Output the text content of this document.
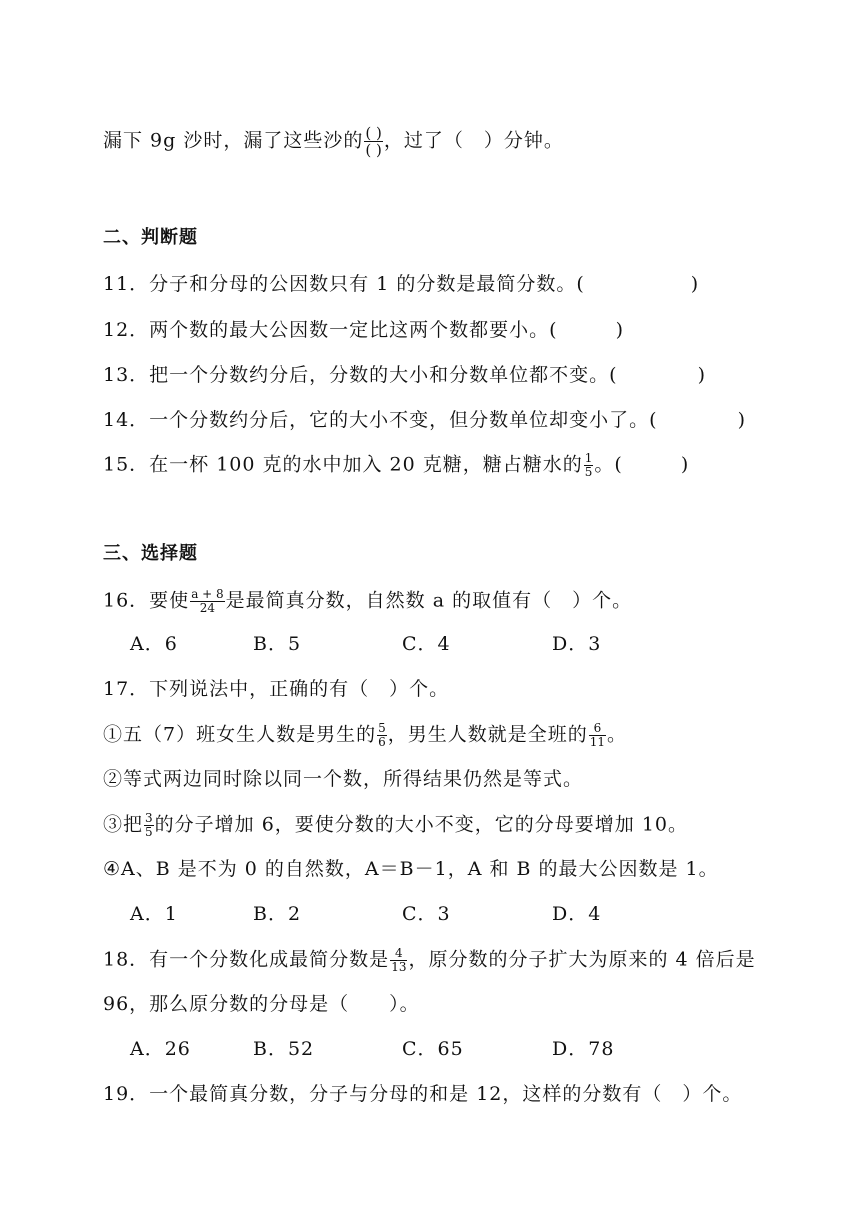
漏下 9g 沙时，漏了这些沙的 $\frac{( )}{( )}$ ，过了（　）分钟。
二、判断题
11．分子和分母的公因数只有 1 的分数是最简分数。(	)
12．两个数的最大公因数一定比这两个数都要小。(	)
13．把一个分数约分后，分数的大小和分数单位都不变。(	)
14．一个分数约分后，它的大小不变，但分数单位却变小了。(	)
15．在一杯 100 克的水中加入 20 克糖，糖占糖水的 $\frac{1}{5}$ 。(	)
三、选择题
16．要使 $\frac{a + 8}{24}$ 是最简真分数，自然数 a 的取值有（　）个。
A．6	B．5	C．4	D．3
17．下列说法中，正确的有（　）个。
①五（7）班女生人数是男生的 $\frac{5}{6}$ ，男生人数就是全班的 $\frac{6}{11}$ 。
②等式两边同时除以同一个数，所得结果仍然是等式。
③把 $\frac{3}{5}$ 的分子增加 6，要使分数的大小不变，它的分母要增加 10。
④A、B 是不为 0 的自然数，A＝B－1，A 和 B 的最大公因数是 1。
A．1	B．2	C．3	D．4
18．有一个分数化成最简分数是 $\frac{4}{13}$ ，原分数的分子扩大为原来的 4 倍后是
96，那么原分数的分母是（　　）。
A．26	B．52	C．65	D．78
19．一个最简真分数，分子与分母的和是 12，这样的分数有（　）个。
